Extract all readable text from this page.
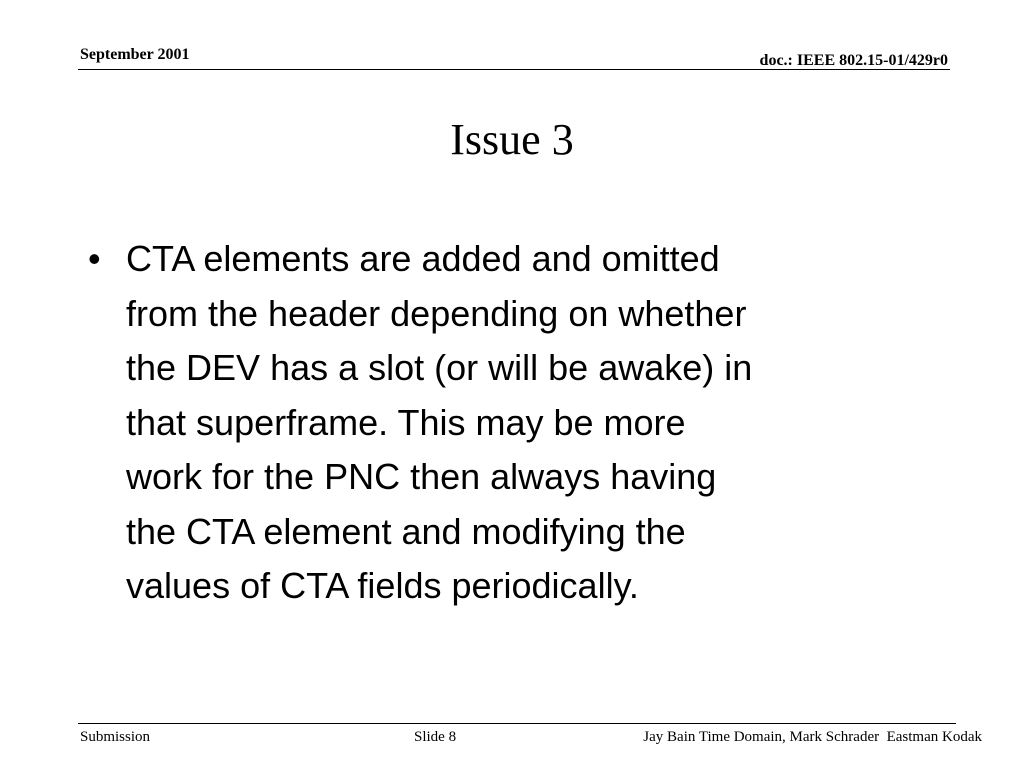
September 2001	doc.: IEEE 802.15-01/429r0
Issue 3
• CTA elements are added and omitted
from the header depending on whether
the DEV has a slot (or will be awake) in
that superframe. This may be more
work for the PNC then always having
the CTA element and modifying the
values of CTA fields periodically.
Submission	Slide 8	Jay Bain Time Domain, Mark Schrader  Eastman Kodak
